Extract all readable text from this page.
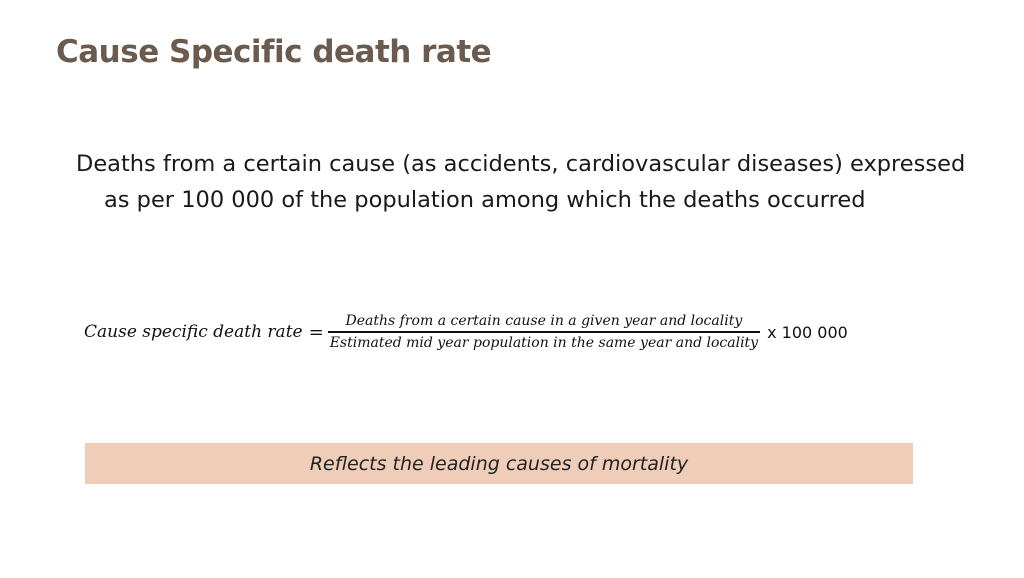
Cause Specific death rate
Deaths from a certain cause (as accidents, cardiovascular diseases) expressed as per 100 000 of the population among which the deaths occurred
Cause specific death rate = $\frac{\text{Deaths from a certain cause in a given year and locality}}{\text{Estimated mid year population in the same year and locality}}$ x 100 000
Reflects the leading causes of mortality
